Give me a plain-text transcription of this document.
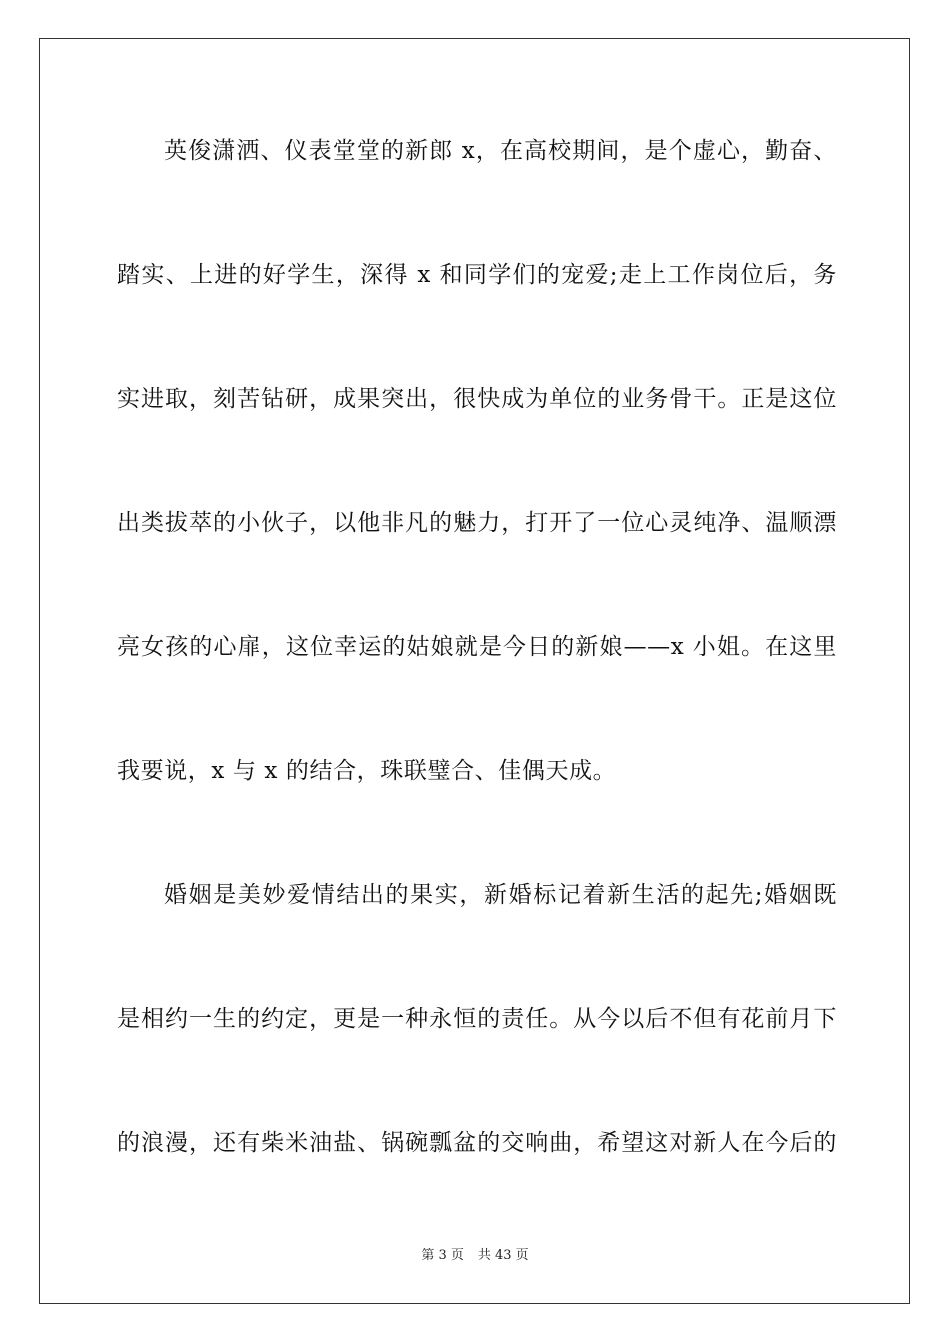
英俊潇洒、仪表堂堂的新郎 x，在高校期间，是个虚心，勤奋、
踏实、上进的好学生，深得 x 和同学们的宠爱;走上工作岗位后，务
实进取，刻苦钻研，成果突出，很快成为单位的业务骨干。正是这位
出类拔萃的小伙子，以他非凡的魅力，打开了一位心灵纯净、温顺漂
亮女孩的心扉，这位幸运的姑娘就是今日的新娘——x 小姐。在这里
我要说，x 与 x 的结合，珠联璧合、佳偶天成。
婚姻是美妙爱情结出的果实，新婚标记着新生活的起先;婚姻既
是相约一生的约定，更是一种永恒的责任。从今以后不但有花前月下
的浪漫，还有柴米油盐、锅碗瓢盆的交响曲，希望这对新人在今后的
第 3 页 共 43 页
